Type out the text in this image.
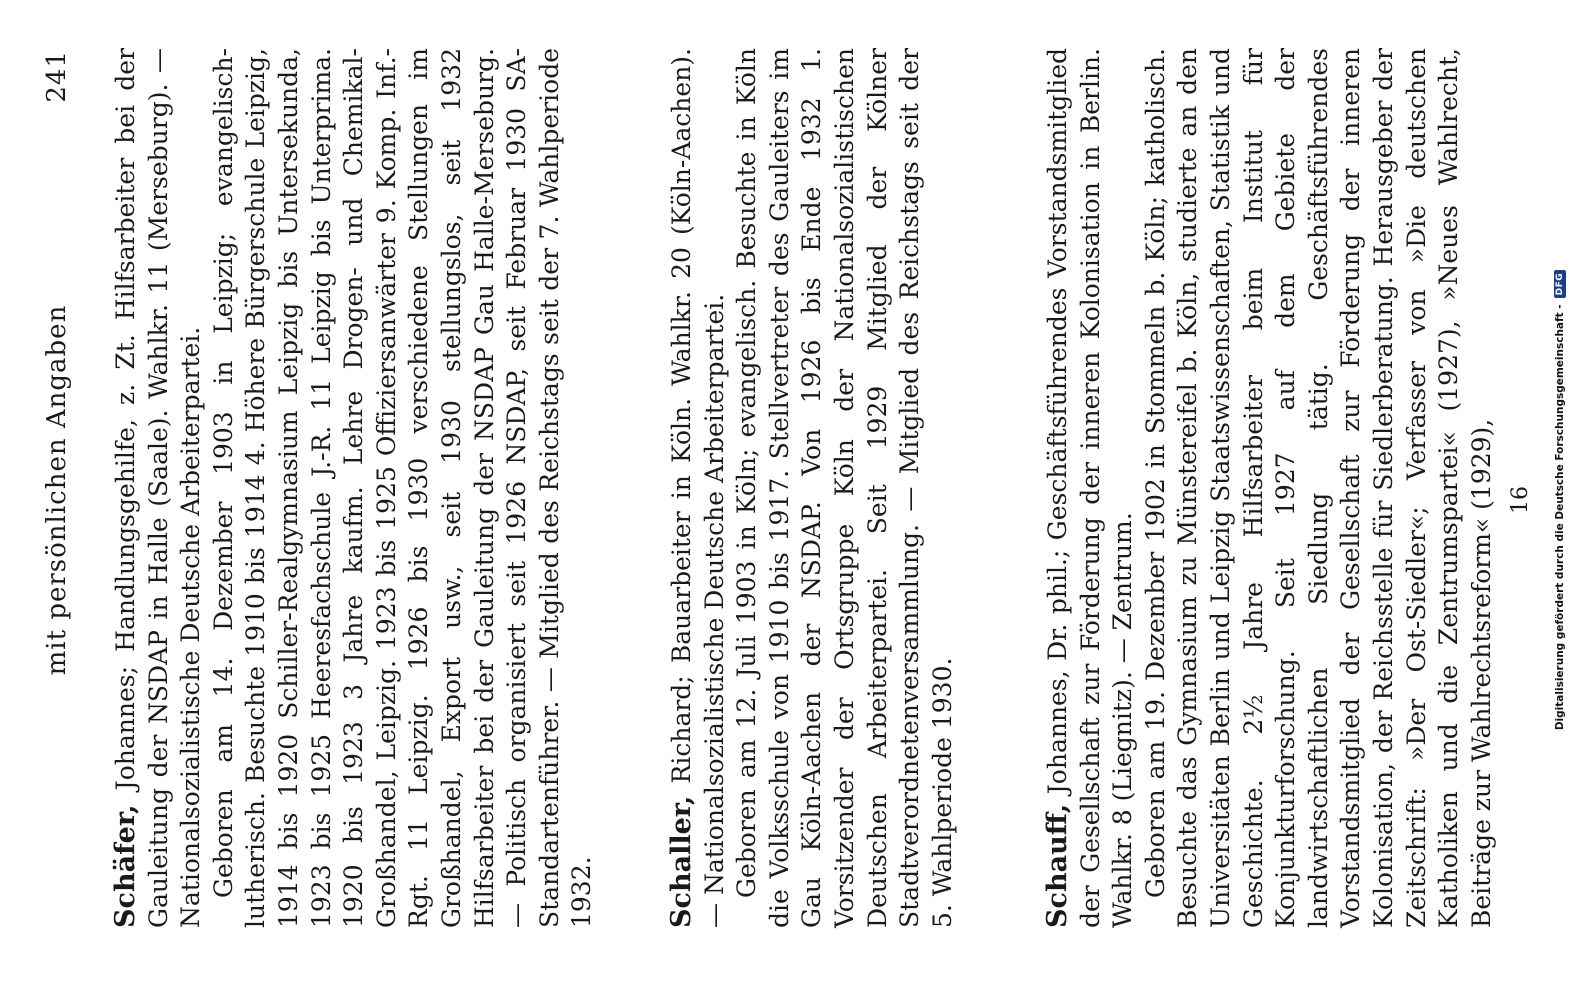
mit persönlichen Angaben
241

Schäfer, Johannes; Handlungsgehilfe, z. Zt. Hilfsarbeiter bei der Gauleitung der NSDAP in Halle (Saale). Wahlkr. 11 (Merseburg). — Nationalsozialistische Deutsche Arbeiterpartei. Geboren am 14. Dezember 1903 in Leipzig; evangelisch-lutherisch. Besuchte 1910 bis 1914 4. Höhere Bürgerschule Leipzig, 1914 bis 1920 Schiller-Realgymnasium Leipzig bis Untersekunda, 1923 bis 1925 Heeresfachschule J.-R. 11 Leipzig bis Unterprima. 1920 bis 1923 3 Jahre kaufm. Lehre Drogen- und Chemikal-Großhandel, Leipzig. 1923 bis 1925 Offiziersanwärter 9. Komp. Inf.-Rgt. 11 Leipzig. 1926 bis 1930 verschiedene Stellungen im Großhandel, Export usw., seit 1930 stellungslos, seit 1932 Hilfsarbeiter bei der Gauleitung der NSDAP Gau Halle-Merseburg. — Politisch organisiert seit 1926 NSDAP, seit Februar 1930 SA-Standartenführer. — Mitglied des Reichstags seit der 7. Wahlperiode 1932.	Schaller, Richard; Bauarbeiter in Köln. Wahlkr. 20 (Köln-Aachen). — Nationalsozialistische Deutsche Arbeiterpartei. Geboren am 12. Juli 1903 in Köln; evangelisch. Besuchte in Köln die Volksschule von 1910 bis 1917. Stellvertreter des Gauleiters im Gau Köln-Aachen der NSDAP. Von 1926 bis Ende 1932 1. Vorsitzender der Ortsgruppe Köln der Nationalsozialistischen Deutschen Arbeiterpartei. Seit 1929 Mitglied der Kölner Stadtverordnetenversammlung. — Mitglied des Reichstags seit der 5. Wahlperiode 1930.	Schauff, Johannes, Dr. phil.; Geschäftsführendes Vorstandsmitglied der Gesellschaft zur Förderung der inneren Kolonisation in Berlin. Wahlkr. 8 (Liegnitz). — Zentrum. Geboren am 19. Dezember 1902 in Stommeln b. Köln; katholisch. Besuchte das Gymnasium zu Münstereifel b. Köln, studierte an den Universitäten Berlin und Leipzig Staatswissenschaften, Statistik und Geschichte. 2½ Jahre Hilfsarbeiter beim Institut für Konjunkturforschung. Seit 1927 auf dem Gebiete der landwirtschaftlichen Siedlung tätig. Geschäftsführendes Vorstandsmitglied der Gesellschaft zur Förderung der inneren Kolonisation, der Reichsstelle für Siedlerberatung. Herausgeber der Zeitschrift: »Der Ost-Siedler«; Verfasser von »Die deutschen Katholiken und die Zentrumspartei« (1927), »Neues Wahlrecht, Beiträge zur Wahlrechtsreform« (1929), 16 Digitalisierung gefördert durch die Deutsche Forschungsgemeinschaft -
DFG
